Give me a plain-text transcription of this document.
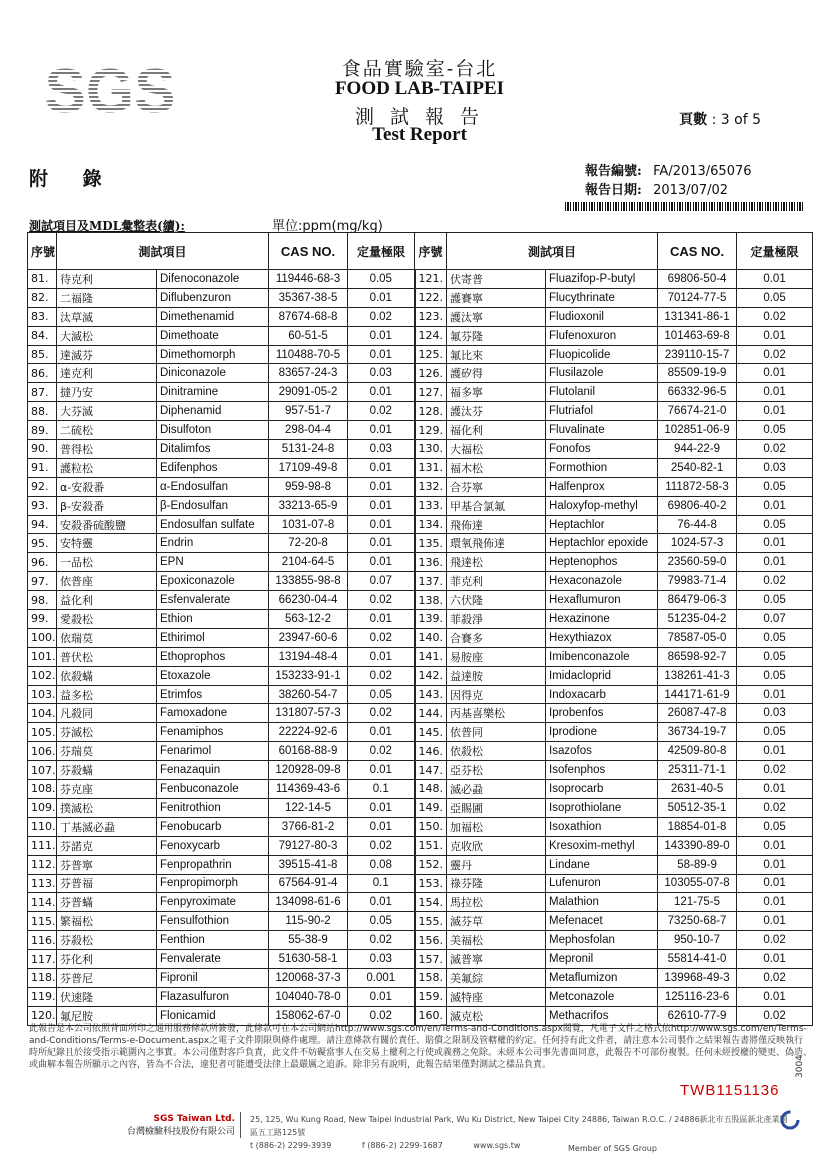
SGS	食品實驗室-台北
FOOD LAB-TAIPEI
測 試 報 告
Test Report
頁數 : 3 of 5
附 錄	報告編號: FA/2013/65076
報告日期: 2013/07/02
測試項目及MDL彙整表(續):	單位:ppm(mg/kg)
序號	測試項目		CAS NO.	定量極限	序號	測試項目		CAS NO.	定量極限
81.	待克利	Difenoconazole	119446-68-3	0.05	121.	伏寄普	Fluazifop-P-butyl	69806-50-4	0.01
82.	二福隆	Diflubenzuron	35367-38-5	0.01	122.	護賽寧	Flucythrinate	70124-77-5	0.05
83.	汰草滅	Dimethenamid	87674-68-8	0.02	123.	護汰寧	Fludioxonil	131341-86-1	0.02
84.	大滅松	Dimethoate	60-51-5	0.01	124.	氟芬隆	Flufenoxuron	101463-69-8	0.01
85.	達滅芬	Dimethomorph	110488-70-5	0.01	125.	氟比來	Fluopicolide	239110-15-7	0.02
86.	達克利	Diniconazole	83657-24-3	0.03	126.	護矽得	Flusilazole	85509-19-9	0.01
87.	撻乃安	Dinitramine	29091-05-2	0.01	127.	福多寧	Flutolanil	66332-96-5	0.01
88.	大芬滅	Diphenamid	957-51-7	0.02	128.	護汰芬	Flutriafol	76674-21-0	0.01
89.	二硫松	Disulfoton	298-04-4	0.01	129.	福化利	Fluvalinate	102851-06-9	0.05
90.	普得松	Ditalimfos	5131-24-8	0.03	130.	大福松	Fonofos	944-22-9	0.02
91.	護粒松	Edifenphos	17109-49-8	0.01	131.	福木松	Formothion	2540-82-1	0.03
92.	α-安殺番	α-Endosulfan	959-98-8	0.01	132.	合芬寧	Halfenprox	111872-58-3	0.05
93.	β-安殺番	β-Endosulfan	33213-65-9	0.01	133.	甲基合氯氟	Haloxyfop-methyl	69806-40-2	0.01
94.	安殺番硫酸鹽	Endosulfan sulfate	1031-07-8	0.01	134.	飛佈達	Heptachlor	76-44-8	0.05
95.	安特靈	Endrin	72-20-8	0.01	135.	環氧飛佈達	Heptachlor epoxide	1024-57-3	0.01
96.	一品松	EPN	2104-64-5	0.01	136.	飛達松	Heptenophos	23560-59-0	0.01
97.	依普座	Epoxiconazole	133855-98-8	0.07	137.	菲克利	Hexaconazole	79983-71-4	0.02
98.	益化利	Esfenvalerate	66230-04-4	0.02	138.	六伏隆	Hexaflumuron	86479-06-3	0.05
99.	愛殺松	Ethion	563-12-2	0.01	139.	菲殺淨	Hexazinone	51235-04-2	0.07
100.	依瑞莫	Ethirimol	23947-60-6	0.02	140.	合賽多	Hexythiazox	78587-05-0	0.05
101.	普伏松	Ethoprophos	13194-48-4	0.01	141.	易胺座	Imibenconazole	86598-92-7	0.05
102.	依殺蟎	Etoxazole	153233-91-1	0.02	142.	益達胺	Imidacloprid	138261-41-3	0.05
103.	益多松	Etrimfos	38260-54-7	0.05	143.	因得克	Indoxacarb	144171-61-9	0.01
104.	凡殺同	Famoxadone	131807-57-3	0.02	144.	丙基喜樂松	Iprobenfos	26087-47-8	0.03
105.	芬滅松	Fenamiphos	22224-92-6	0.01	145.	依普同	Iprodione	36734-19-7	0.05
106.	芬瑞莫	Fenarimol	60168-88-9	0.02	146.	依殺松	Isazofos	42509-80-8	0.01
107.	芬殺蟎	Fenazaquin	120928-09-8	0.01	147.	亞芬松	Isofenphos	25311-71-1	0.02
108.	芬克座	Fenbuconazole	114369-43-6	0.1	148.	滅必蝨	Isoprocarb	2631-40-5	0.01
109.	撲滅松	Fenitrothion	122-14-5	0.01	149.	亞賜圃	Isoprothiolane	50512-35-1	0.02
110.	丁基滅必蝨	Fenobucarb	3766-81-2	0.01	150.	加福松	Isoxathion	18854-01-8	0.05
111.	芬諾克	Fenoxycarb	79127-80-3	0.02	151.	克收欣	Kresoxim-methyl	143390-89-0	0.01
112.	芬普寧	Fenpropathrin	39515-41-8	0.08	152.	靈丹	Lindane	58-89-9	0.01
113.	芬普福	Fenpropimorph	67564-91-4	0.1	153.	祿芬隆	Lufenuron	103055-07-8	0.01
114.	芬普蟎	Fenpyroximate	134098-61-6	0.01	154.	馬拉松	Malathion	121-75-5	0.01
115.	繁福松	Fensulfothion	115-90-2	0.05	155.	滅芬草	Mefenacet	73250-68-7	0.01
116.	芬殺松	Fenthion	55-38-9	0.02	156.	美福松	Mephosfolan	950-10-7	0.02
117.	芬化利	Fenvalerate	51630-58-1	0.03	157.	滅普寧	Mepronil	55814-41-0	0.01
118.	芬普尼	Fipronil	120068-37-3	0.001	158.	美氟綜	Metaflumizon	139968-49-3	0.02
119.	伏速隆	Flazasulfuron	104040-78-0	0.01	159.	滅特座	Metconazole	125116-23-6	0.01
120.	氟尼胺	Flonicamid	158062-67-0	0.02	160.	滅克松	Methacrifos	62610-77-9	0.02
此報告是本公司依照背面所印之通用服務條款所簽發，此條款可在本公司網站http://www.sgs.com/en/Terms-and-Conditions.aspx閱覽，凡電子文件之格式依http://www.sgs.com/en/Terms-and-Conditions/Terms-e-Document.aspx之電子文件期限與條件處理。請注意條款有關於責任、賠償之限制及管轄權的約定。任何持有此文件者，請注意本公司製作之結果報告書將僅反映執行時所紀錄且於接受指示範圍內之事實。本公司僅對客戶負責，此文件不妨礙當事人在交易上權利之行使或義務之免除。未經本公司事先書面同意，此報告不可部份複製。任何未經授權的變更、偽造、或曲解本報告所顯示之內容，皆為不合法，違犯者可能遭受法律上最嚴厲之追訴。除非另有說明，此報告結果僅對測試之樣品負責。
TWB1151136
3004
SGS Taiwan Ltd.
台灣檢驗科技股份有限公司
25, 125, Wu Kung Road, New Taipei Industrial Park, Wu Ku District, New Taipei City 24886, Taiwan R.O.C. / 24886新北市五股區新北產業園區五工路125號
t (886-2) 2299-3939	f (886-2) 2299-1687	www.sgs.tw	Member of SGS Group
